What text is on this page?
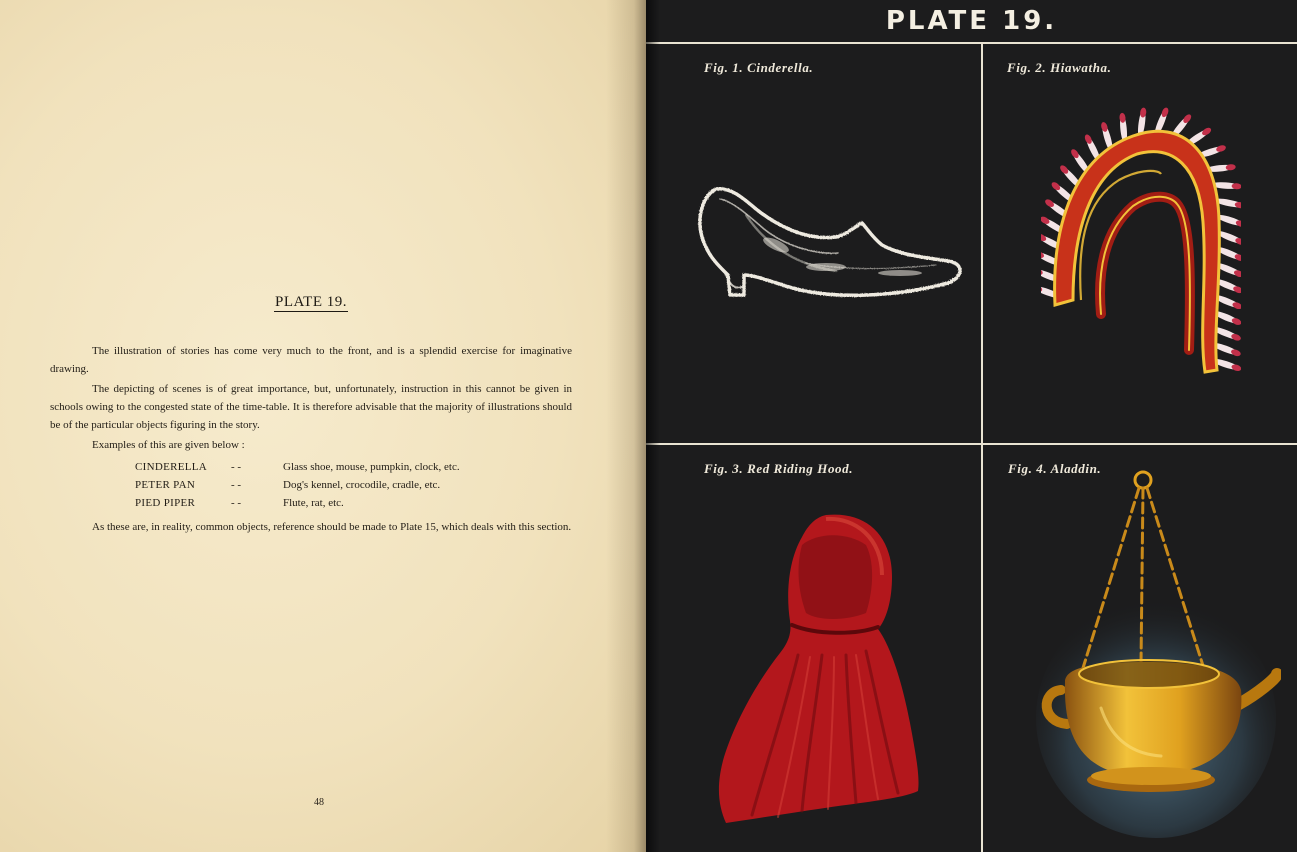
PLATE 19.

The illustration of stories has come very much to the front, and is a splendid exercise for imaginative drawing.

The depicting of scenes is of great importance, but, unfortunately, instruction in this cannot be given in schools owing to the congested state of the time-table. It is therefore advisable that the majority of illustrations should be of the particular objects figuring in the story.

Examples of this are given below :

CINDERELLA	- -	Glass shoe, mouse, pumpkin, clock, etc.
PETER PAN	- -	Dog's kennel, crocodile, cradle, etc.
PIED PIPER	- -	Flute, rat, etc.

As these are, in reality, common objects, reference should be made to Plate 15, which deals with this section.

48
PLATE 19.
Fig. 1. Cinderella.	Fig. 2. Hiawatha.
Fig. 3. Red Riding Hood.	Fig. 4. Aladdin.
